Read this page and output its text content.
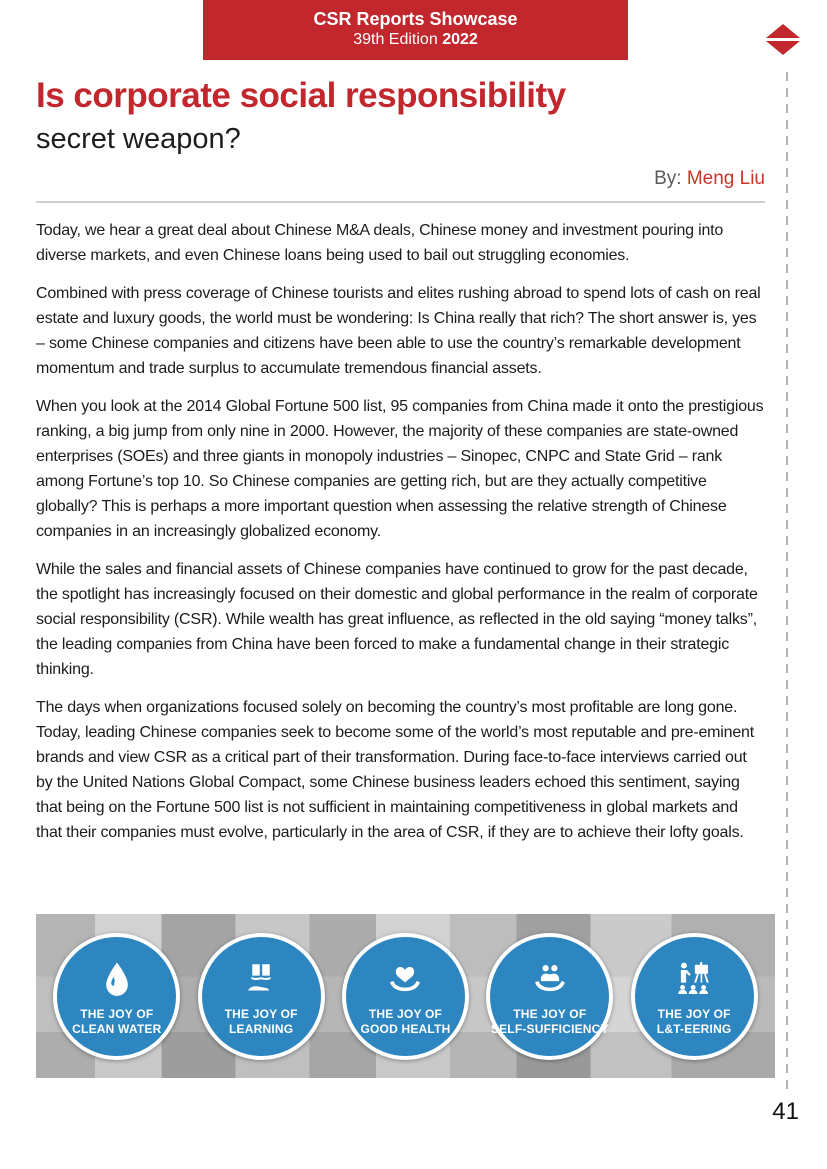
CSR Reports Showcase
39th Edition 2022
Is corporate social responsibility
secret weapon?
By: Meng Liu

Today, we hear a great deal about Chinese M&A deals, Chinese money and investment pouring into diverse markets, and even Chinese loans being used to bail out struggling economies.

Combined with press coverage of Chinese tourists and elites rushing abroad to spend lots of cash on real estate and luxury goods, the world must be wondering: Is China really that rich? The short answer is, yes – some Chinese companies and citizens have been able to use the country’s remarkable development momentum and trade surplus to accumulate tremendous financial assets.

When you look at the 2014 Global Fortune 500 list, 95 companies from China made it onto the prestigious ranking, a big jump from only nine in 2000. However, the majority of these companies are state-owned enterprises (SOEs) and three giants in monopoly industries – Sinopec, CNPC and State Grid – rank among Fortune’s top 10. So Chinese companies are getting rich, but are they actually competitive globally? This is perhaps a more important question when assessing the relative strength of Chinese companies in an increasingly globalized economy.

While the sales and financial assets of Chinese companies have continued to grow for the past decade, the spotlight has increasingly focused on their domestic and global performance in the realm of corporate social responsibility (CSR). While wealth has great influence, as reflected in the old saying “money talks”, the leading companies from China have been forced to make a fundamental change in their strategic thinking.

The days when organizations focused solely on becoming the country’s most profitable are long gone. Today, leading Chinese companies seek to become some of the world’s most reputable and pre-eminent brands and view CSR as a critical part of their transformation. During face-to-face interviews carried out by the United Nations Global Compact, some Chinese business leaders echoed this sentiment, saying that being on the Fortune 500 list is not sufficient in maintaining competitiveness in global markets and that their companies must evolve, particularly in the area of CSR, if they are to achieve their lofty goals.

THE JOY OF
CLEAN WATER
THE JOY OF
LEARNING
THE JOY OF
GOOD HEALTH
THE JOY OF
SELF-SUFFICIENCY
THE JOY OF
L&T-EERING
41
